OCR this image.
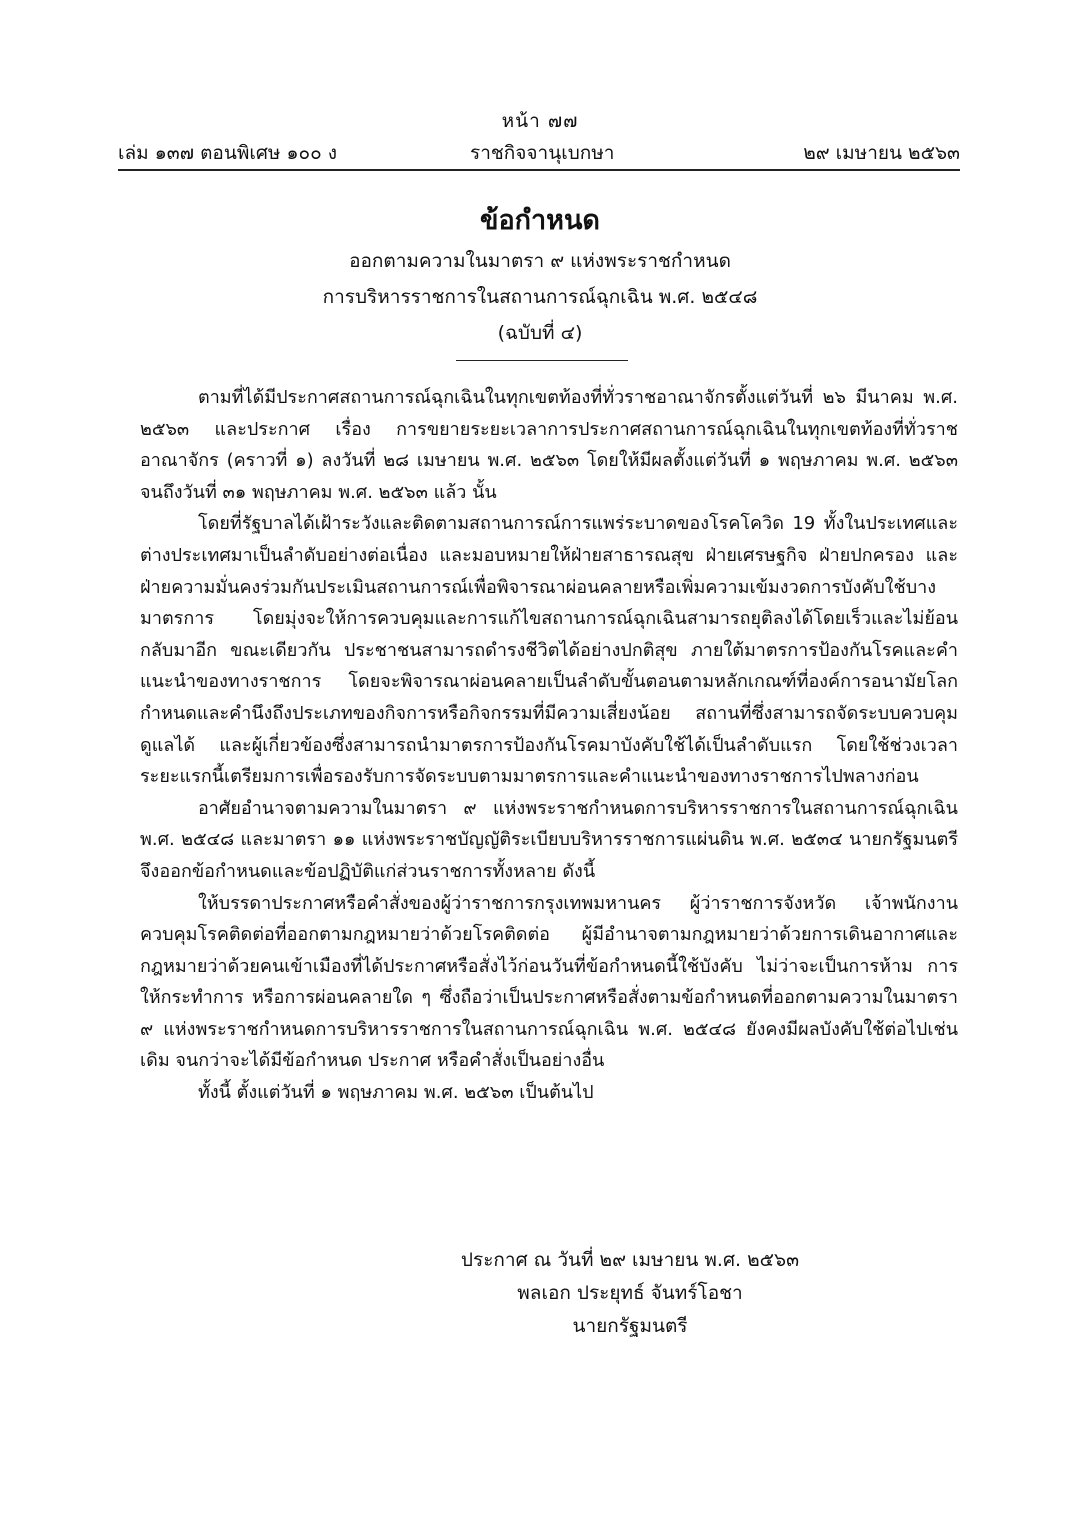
หน้า ๗๗
เล่ม ๑๓๗ ตอนพิเศษ ๑๐๐ ง	ราชกิจจานุเบกษา	๒๙ เมษายน ๒๕๖๓
ข้อกำหนด
ออกตามความในมาตรา ๙ แห่งพระราชกำหนด
การบริหารราชการในสถานการณ์ฉุกเฉิน พ.ศ. ๒๕๔๘
(ฉบับที่ ๔)

ตามที่ได้มีประกาศสถานการณ์ฉุกเฉินในทุกเขตท้องที่ทั่วราชอาณาจักรตั้งแต่วันที่ ๒๖ มีนาคม พ.ศ. ๒๕๖๓ และประกาศ เรื่อง การขยายระยะเวลาการประกาศสถานการณ์ฉุกเฉินในทุกเขตท้องที่ทั่วราชอาณาจักร (คราวที่ ๑) ลงวันที่ ๒๘ เมษายน พ.ศ. ๒๕๖๓ โดยให้มีผลตั้งแต่วันที่ ๑ พฤษภาคม พ.ศ. ๒๕๖๓ จนถึงวันที่ ๓๑ พฤษภาคม พ.ศ. ๒๕๖๓ แล้ว นั้น

โดยที่รัฐบาลได้เฝ้าระวังและติดตามสถานการณ์การแพร่ระบาดของโรคโควิด 19 ทั้งในประเทศและต่างประเทศมาเป็นลำดับอย่างต่อเนื่อง และมอบหมายให้ฝ่ายสาธารณสุข ฝ่ายเศรษฐกิจ ฝ่ายปกครอง และฝ่ายความมั่นคงร่วมกันประเมินสถานการณ์เพื่อพิจารณาผ่อนคลายหรือเพิ่มความเข้มงวดการบังคับใช้บางมาตรการ โดยมุ่งจะให้การควบคุมและการแก้ไขสถานการณ์ฉุกเฉินสามารถยุติลงได้โดยเร็วและไม่ย้อนกลับมาอีก ขณะเดียวกัน ประชาชนสามารถดำรงชีวิตได้อย่างปกติสุข ภายใต้มาตรการป้องกันโรคและคำแนะนำของทางราชการ โดยจะพิจารณาผ่อนคลายเป็นลำดับขั้นตอนตามหลักเกณฑ์ที่องค์การอนามัยโลกกำหนดและคำนึงถึงประเภทของกิจการหรือกิจกรรมที่มีความเสี่ยงน้อย สถานที่ซึ่งสามารถจัดระบบควบคุมดูแลได้ และผู้เกี่ยวข้องซึ่งสามารถนำมาตรการป้องกันโรคมาบังคับใช้ได้เป็นลำดับแรก โดยใช้ช่วงเวลาระยะแรกนี้เตรียมการเพื่อรองรับการจัดระบบตามมาตรการและคำแนะนำของทางราชการไปพลางก่อน

อาศัยอำนาจตามความในมาตรา ๙ แห่งพระราชกำหนดการบริหารราชการในสถานการณ์ฉุกเฉิน พ.ศ. ๒๕๔๘ และมาตรา ๑๑ แห่งพระราชบัญญัติระเบียบบริหารราชการแผ่นดิน พ.ศ. ๒๕๓๔ นายกรัฐมนตรีจึงออกข้อกำหนดและข้อปฏิบัติแก่ส่วนราชการทั้งหลาย ดังนี้

ให้บรรดาประกาศหรือคำสั่งของผู้ว่าราชการกรุงเทพมหานคร ผู้ว่าราชการจังหวัด เจ้าพนักงานควบคุมโรคติดต่อที่ออกตามกฎหมายว่าด้วยโรคติดต่อ ผู้มีอำนาจตามกฎหมายว่าด้วยการเดินอากาศและกฎหมายว่าด้วยคนเข้าเมืองที่ได้ประกาศหรือสั่งไว้ก่อนวันที่ข้อกำหนดนี้ใช้บังคับ ไม่ว่าจะเป็นการห้าม การให้กระทำการ หรือการผ่อนคลายใด ๆ ซึ่งถือว่าเป็นประกาศหรือสั่งตามข้อกำหนดที่ออกตามความในมาตรา ๙ แห่งพระราชกำหนดการบริหารราชการในสถานการณ์ฉุกเฉิน พ.ศ. ๒๕๔๘ ยังคงมีผลบังคับใช้ต่อไปเช่นเดิม จนกว่าจะได้มีข้อกำหนด ประกาศ หรือคำสั่งเป็นอย่างอื่น

ทั้งนี้ ตั้งแต่วันที่ ๑ พฤษภาคม พ.ศ. ๒๕๖๓ เป็นต้นไป

ประกาศ ณ วันที่ ๒๙ เมษายน พ.ศ. ๒๕๖๓
พลเอก ประยุทธ์ จันทร์โอชา
นายกรัฐมนตรี
